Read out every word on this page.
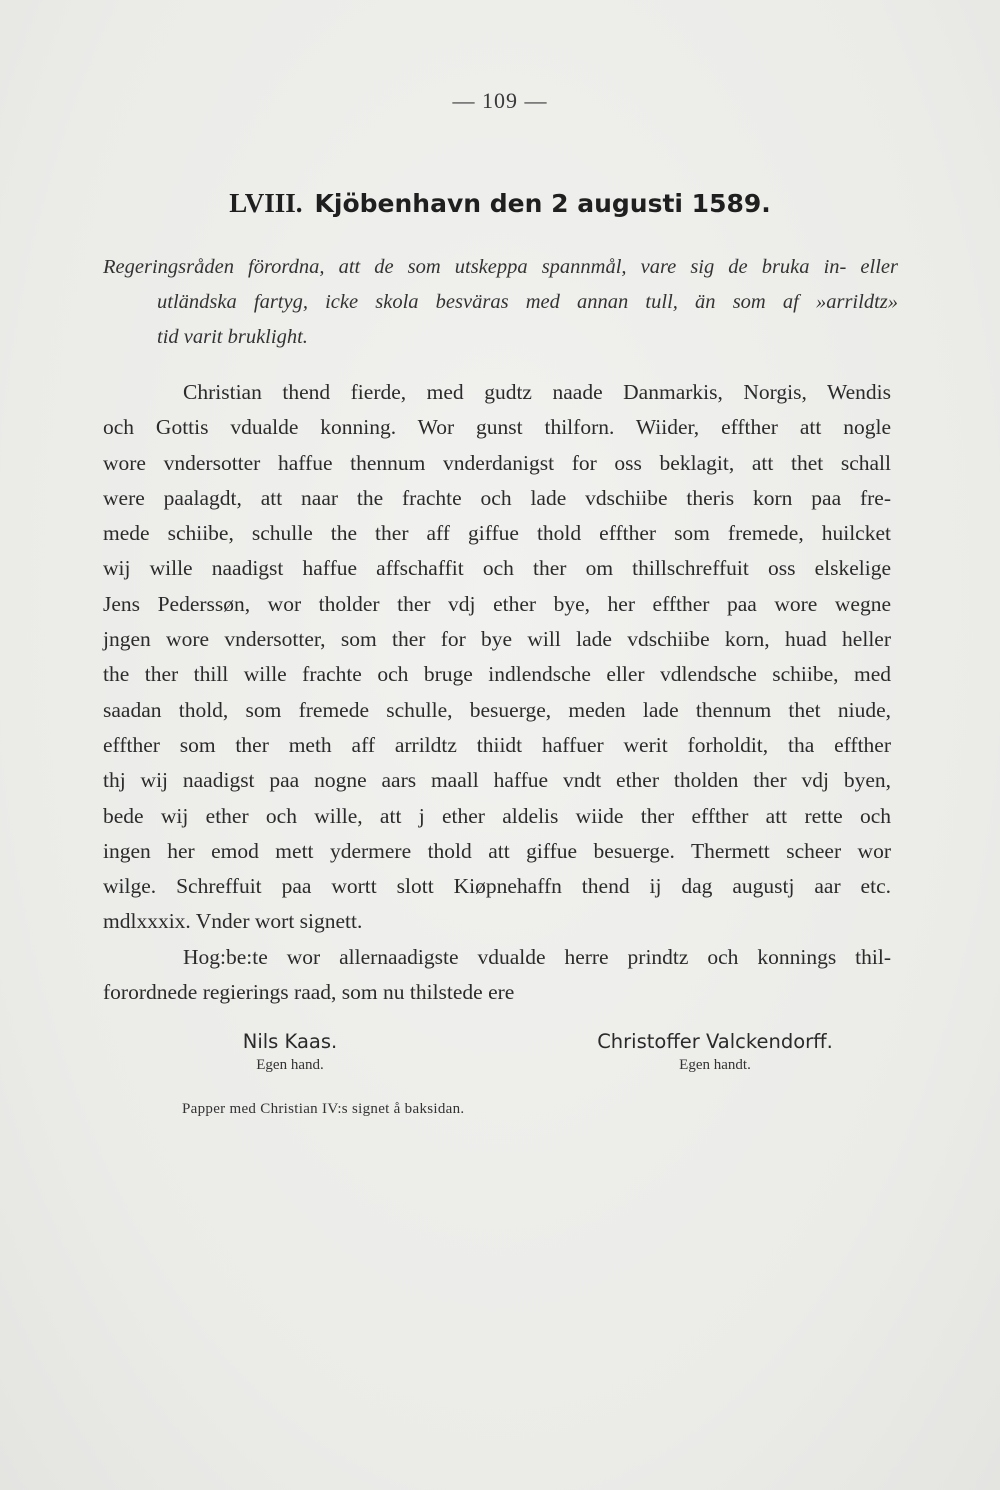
— 109 —
LVIII. Kjöbenhavn den 2 augusti 1589.
Regeringsråden förordna, att de som utskeppa spannmål, vare sig de bruka in- eller
utländska fartyg, icke skola besväras med annan tull, än som af »arrildtz»
tid varit bruklight.
Christian thend fierde, med gudtz naade Danmarkis, Norgis, Wendis
och Gottis vdualde konning. Wor gunst thilforn. Wiider, effther att nogle
wore vndersotter haffue thennum vnderdanigst for oss beklagit, att thet schall
were paalagdt, att naar the frachte och lade vdschiibe theris korn paa fre-
mede schiibe, schulle the ther aff giffue thold effther som fremede, huilcket
wij wille naadigst haffue affschaffit och ther om thillschreffuit oss elskelige
Jens Pederssøn, wor tholder ther vdj ether bye, her effther paa wore wegne
jngen wore vndersotter, som ther for bye will lade vdschiibe korn, huad heller
the ther thill wille frachte och bruge indlendsche eller vdlendsche schiibe, med
saadan thold, som fremede schulle, besuerge, meden lade thennum thet niude,
effther som ther meth aff arrildtz thiidt haffuer werit forholdit, tha effther
thj wij naadigst paa nogne aars maall haffue vndt ether tholden ther vdj byen,
bede wij ether och wille, att j ether aldelis wiide ther effther att rette och
ingen her emod mett ydermere thold att giffue besuerge. Thermett scheer wor
wilge. Schreffuit paa wortt slott Kiøpnehaffn thend ij dag augustj aar etc.
mdlxxxix. Vnder wort signett.
Hog:be:te wor allernaadigste vdualde herre prindtz och konnings thil-
forordnede regierings raad, som nu thilstede ere
Nils Kaas.
Egen hand.
Christoffer Valckendorff.
Egen handt.
Papper med Christian IV:s signet å baksidan.
